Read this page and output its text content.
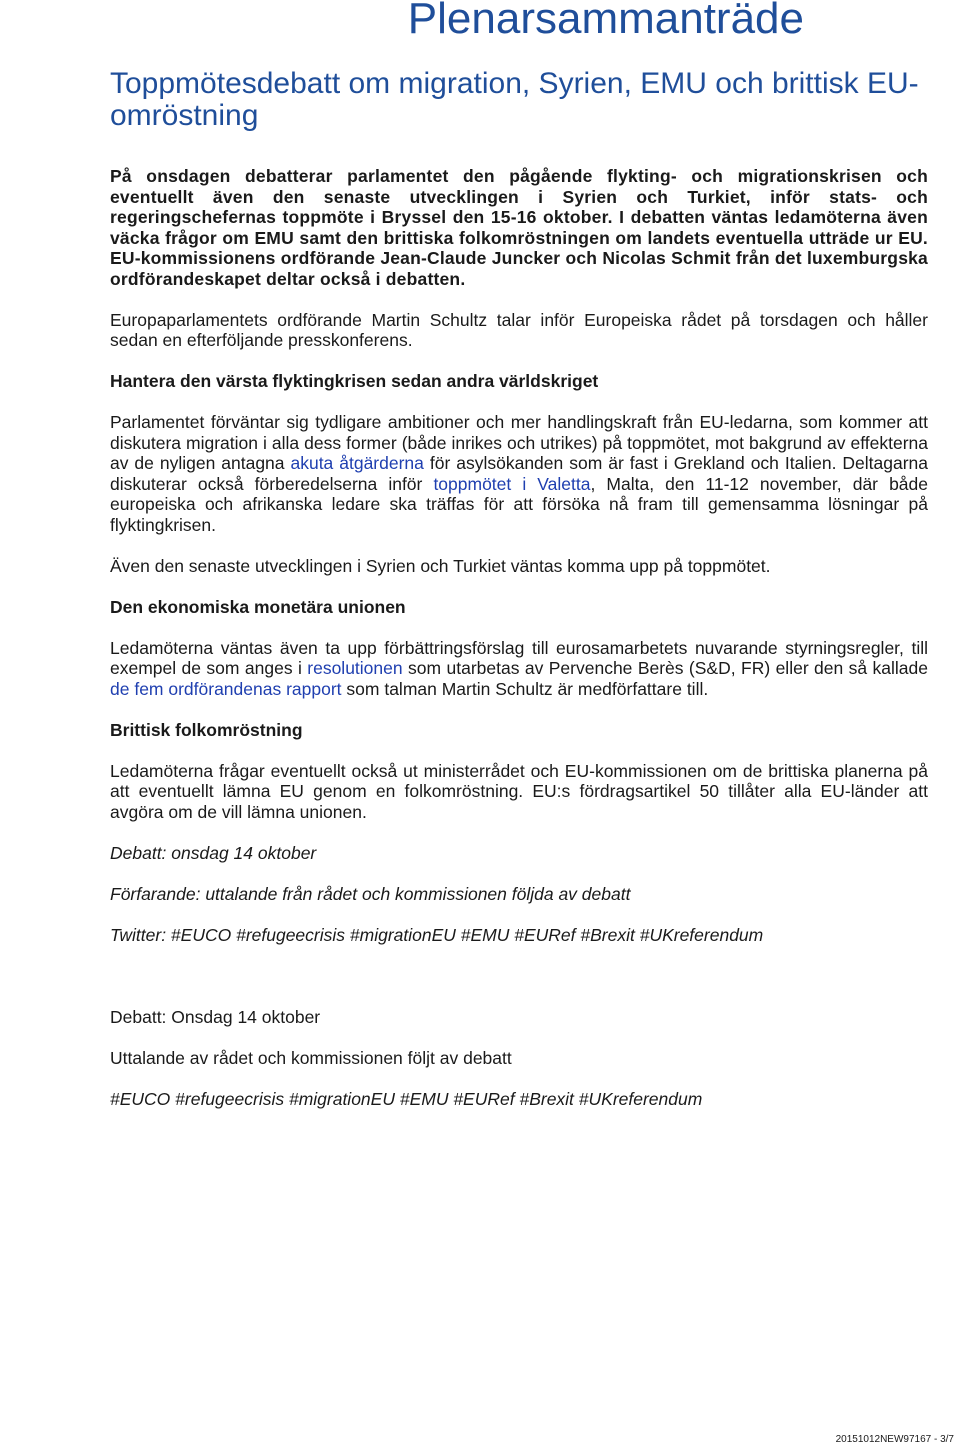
Plenarsammanträde
Toppmötesdebatt om migration, Syrien, EMU och brittisk EU-omröstning

På onsdagen debatterar parlamentet den pågående flykting- och migrationskrisen och eventuellt även den senaste utvecklingen i Syrien och Turkiet, inför stats- och regeringschefernas toppmöte i Bryssel den 15-16 oktober. I debatten väntas ledamöterna även väcka frågor om EMU samt den brittiska folkomröstningen om landets eventuella utträde ur EU. EU-kommissionens ordförande Jean-Claude Juncker och Nicolas Schmit från det luxemburgska ordförandeskapet deltar också i debatten.

Europaparlamentets ordförande Martin Schultz talar inför Europeiska rådet på torsdagen och håller sedan en efterföljande presskonferens.

Hantera den värsta flyktingkrisen sedan andra världskriget

Parlamentet förväntar sig tydligare ambitioner och mer handlingskraft från EU-ledarna, som kommer att diskutera migration i alla dess former (både inrikes och utrikes) på toppmötet, mot bakgrund av effekterna av de nyligen antagna akuta åtgärderna för asylsökanden som är fast i Grekland och Italien. Deltagarna diskuterar också förberedelserna inför toppmötet i Valetta, Malta, den 11-12 november, där både europeiska och afrikanska ledare ska träffas för att försöka nå fram till gemensamma lösningar på flyktingkrisen.

Även den senaste utvecklingen i Syrien och Turkiet väntas komma upp på toppmötet.

Den ekonomiska monetära unionen

Ledamöterna väntas även ta upp förbättringsförslag till eurosamarbetets nuvarande styrningsregler, till exempel de som anges i resolutionen som utarbetas av Pervenche Berès (S&D, FR) eller den så kallade de fem ordförandenas rapport som talman Martin Schultz är medförfattare till.

Brittisk folkomröstning

Ledamöterna frågar eventuellt också ut ministerrådet och EU-kommissionen om de brittiska planerna på att eventuellt lämna EU genom en folkomröstning. EU:s fördragsartikel 50 tillåter alla EU-länder att avgöra om de vill lämna unionen.

Debatt: onsdag 14 oktober

Förfarande: uttalande från rådet och kommissionen följda av debatt

Twitter: #EUCO #refugeecrisis #migrationEU #EMU #EURef #Brexit #UKreferendum

Debatt: Onsdag 14 oktober

Uttalande av rådet och kommissionen följt av debatt

#EUCO #refugeecrisis #migrationEU #EMU #EURef #Brexit #UKreferendum

20151012NEW97167 - 3/7
